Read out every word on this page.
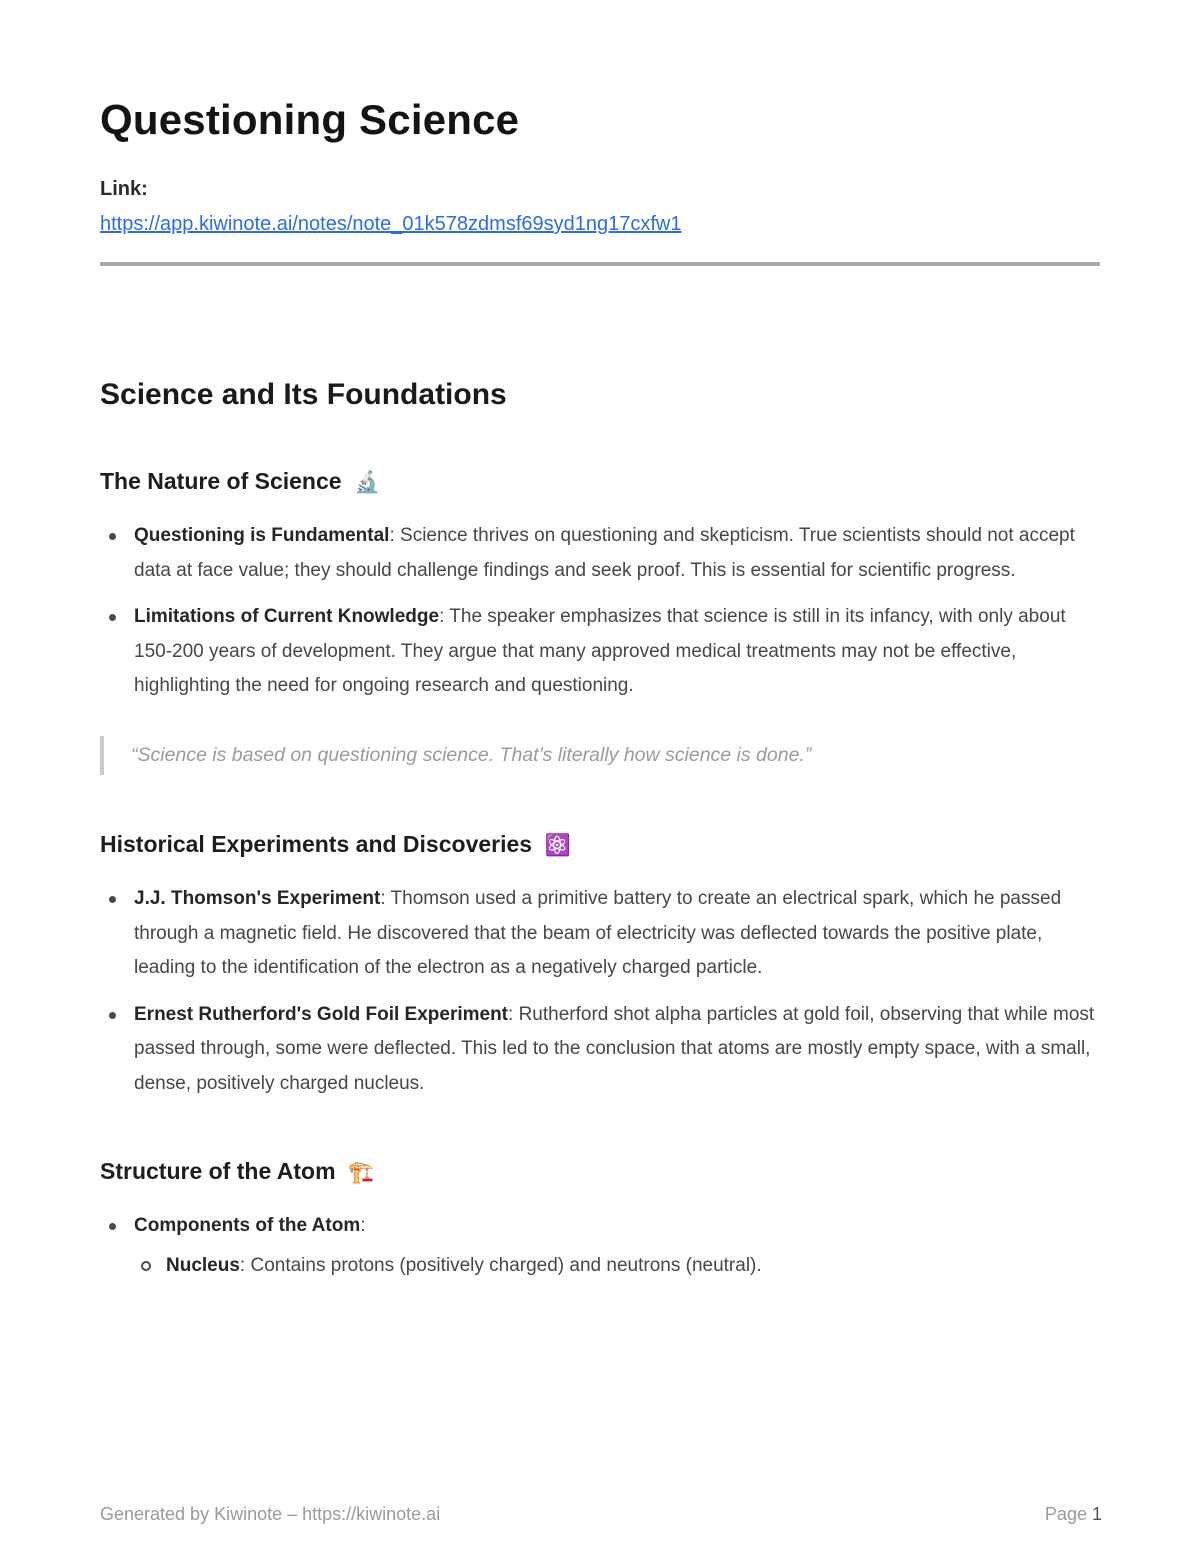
Questioning Science
Link:
https://app.kiwinote.ai/notes/note_01k578zdmsf69syd1ng17cxfw1
Science and Its Foundations
The Nature of Science 🔬
Questioning is Fundamental: Science thrives on questioning and skepticism. True scientists should not accept data at face value; they should challenge findings and seek proof. This is essential for scientific progress.
Limitations of Current Knowledge: The speaker emphasizes that science is still in its infancy, with only about 150-200 years of development. They argue that many approved medical treatments may not be effective, highlighting the need for ongoing research and questioning.
“Science is based on questioning science. That’s literally how science is done.”
Historical Experiments and Discoveries ⚛️
J.J. Thomson's Experiment: Thomson used a primitive battery to create an electrical spark, which he passed through a magnetic field. He discovered that the beam of electricity was deflected towards the positive plate, leading to the identification of the electron as a negatively charged particle.
Ernest Rutherford's Gold Foil Experiment: Rutherford shot alpha particles at gold foil, observing that while most passed through, some were deflected. This led to the conclusion that atoms are mostly empty space, with a small, dense, positively charged nucleus.
Structure of the Atom 🏗️
Components of the Atom:
Nucleus: Contains protons (positively charged) and neutrons (neutral).
Generated by Kiwinote – https://kiwinote.ai	Page 1
